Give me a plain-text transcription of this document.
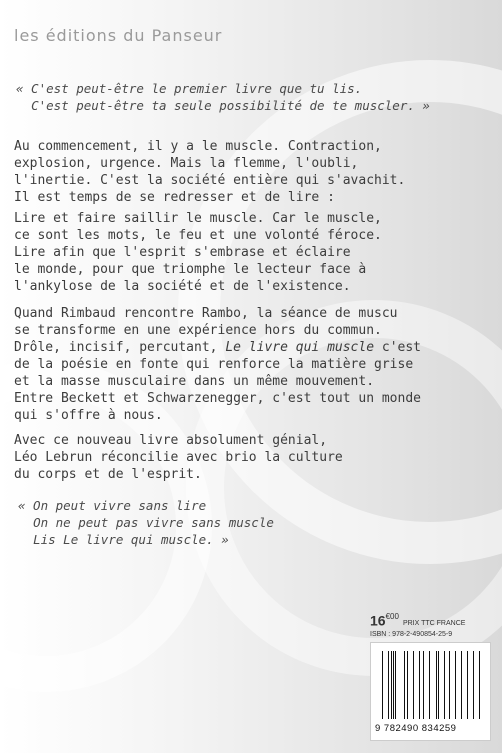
les éditions du Panseur
« C'est peut-être le premier livre que tu lis.
C'est peut-être ta seule possibilité de te muscler. »
Au commencement, il y a le muscle. Contraction,
explosion, urgence. Mais la flemme, l'oubli,
l'inertie. C'est la société entière qui s'avachit.
Il est temps de se redresser et de lire :
Lire et faire saillir le muscle. Car le muscle,
ce sont les mots, le feu et une volonté féroce.
Lire afin que l'esprit s'embrase et éclaire
le monde, pour que triomphe le lecteur face à
l'ankylose de la société et de l'existence.
Quand Rimbaud rencontre Rambo, la séance de muscu
se transforme en une expérience hors du commun.
Drôle, incisif, percutant, Le livre qui muscle c'est
de la poésie en fonte qui renforce la matière grise
et la masse musculaire dans un même mouvement.
Entre Beckett et Schwarzenegger, c'est tout un monde
qui s'offre à nous.
Avec ce nouveau livre absolument génial,
Léo Lebrun réconcilie avec brio la culture
du corps et de l'esprit.
« On peut vivre sans lire
On ne peut pas vivre sans muscle
Lis Le livre qui muscle. »
$16^{€00}PRIX$ TTC FRANCE
ISBN : 978-2-490854-25-9
9 782490 834259
